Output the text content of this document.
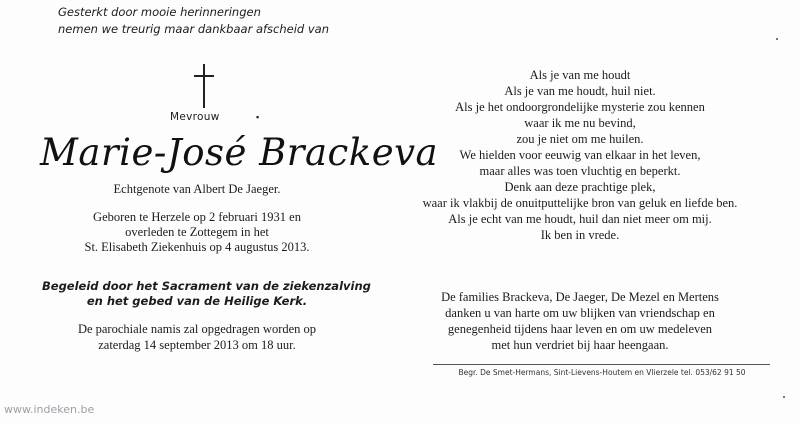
Gesterkt door mooie herinneringen
nemen we treurig maar dankbaar afscheid van
Mevrouw	▪
Marie-José Brackeva
Echtgenote van Albert De Jaeger.
Geboren te Herzele op 2 februari 1931 en
overleden te Zottegem in het
St. Elisabeth Ziekenhuis op 4 augustus 2013.
Begeleid door het Sacrament van de ziekenzalving
en het gebed van de Heilige Kerk.
De parochiale namis zal opgedragen worden op
zaterdag 14 september 2013 om 18 uur.
Als je van me houdt
Als je van me houdt, huil niet.
Als je het ondoorgrondelijke mysterie zou kennen
waar ik me nu bevind,
zou je niet om me huilen.
We hielden voor eeuwig van elkaar in het leven,
maar alles was toen vluchtig en beperkt.
Denk aan deze prachtige plek,
waar ik vlakbij de onuitputtelijke bron van geluk en liefde ben.
Als je echt van me houdt, huil dan niet meer om mij.
Ik ben in vrede.
De families Brackeva, De Jaeger, De Mezel en Mertens
danken u van harte om uw blijken van vriendschap en
genegenheid tijdens haar leven en om uw medeleven
met hun verdriet bij haar heengaan.
Begr. De Smet-Hermans, Sint-Lievens-Houtem en Vlierzele tel. 053/62 91 50
www.indeken.be
